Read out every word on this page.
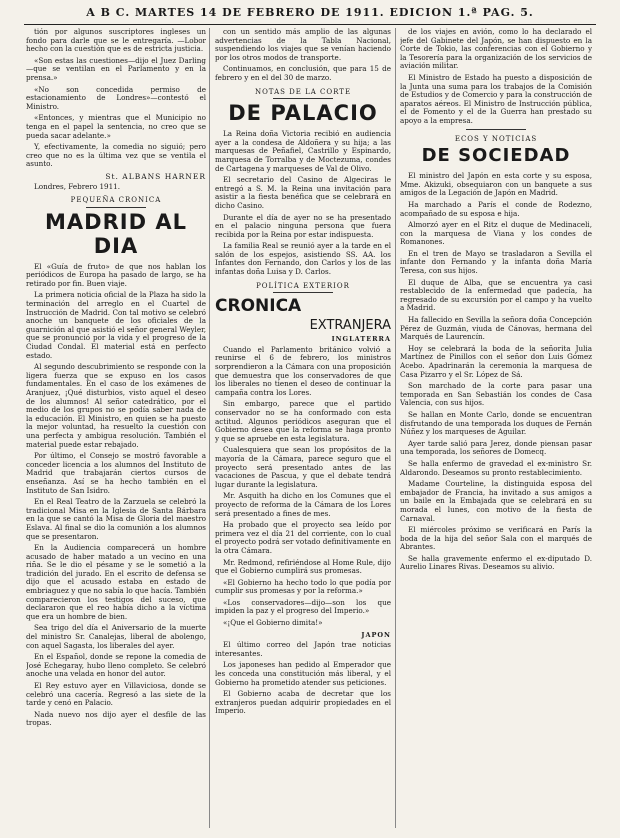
A B C. MARTES 14 DE FEBRERO DE 1911. EDICION 1.ª PAG. 5.

tión por algunos suscriptores ingleses un fondo para darle que se le entregaría. —Lobor hecho con la cuestión que es de estricta justicia.

«Son estas las cuestiones—dijo el Juez Darling—que se ventilan en el Parlamento y en la prensa.»

«No son concedida permiso de estacionamiento de Londres»—contestó el Ministro.

«Entonces, y mientras que el Municipio no tenga en el papel la sentencia, no creo que se pueda sacar adelante.»

Y, efectivamente, la comedia no siguió; pero creo que no es la última vez que se ventila el asunto.

St. ALBANS HARNER

Londres, Febrero 1911.

PEQUEÑA CRONICA

MADRID AL DIA

El «Guía de fruto» de que nos hablan los periódicos de Europa ha pasado de largo, se ha retirado por fin. Buen viaje.

La primera noticia oficial de la Plaza ha sido la terminación del arreglo en el Cuartel de Instrucción de Madrid. Con tal motivo se celebró anoche un banquete de los oficiales de la guarnición al que asistió el señor general Weyler, que se pronunció por la vida y el progreso de la Ciudad Condal. El material está en perfecto estado.

Al segundo descubrimiento se responde con la ligera fuerza que se expuso en los casos fundamentales. En el caso de los exámenes de Aranjuez, ¡Qué disturbios, visto aquel el deseo de los alumnos! Al señor catedrático, por el medio de los grupos no se podía saber nada de la educación. El Ministro, en quien se ha puesto la mejor voluntad, ha resuelto la cuestión con una perfecta y ambigua resolución. También el material puede estar rebajado.

Por último, el Consejo se mostró favorable a conceder licencia a los alumnos del Instituto de Madrid que trabajarán ciertos cursos de enseñanza. Así se ha hecho también en el Instituto de San Isidro.

En el Real Teatro de la Zarzuela se celebró la tradicional Misa en la Iglesia de Santa Bárbara en la que se cantó la Misa de Gloria del maestro Eslava. Al final se dio la comunión a los alumnos que se presentaron.

En la Audiencia comparecerá un hombre acusado de haber matado a un vecino en una riña. Se le dio el pésame y se le sometió a la tradición del jurado. En el escrito de defensa se dijo que el acusado estaba en estado de embriaguez y que no sabía lo que hacía. También comparecieron los testigos del suceso, que declararon que el reo había dicho a la víctima que era un hombre de bien.

Sea trigo del día el Aniversario de la muerte del ministro Sr. Canalejas, liberal de abolengo, con aquel Sagasta, los liberales del ayer.

En el Español, donde se repone la comedia de José Echegaray, hubo lleno completo. Se celebró anoche una velada en honor del autor.

El Rey estuvo ayer en Villaviciosa, donde se celebró una cacería. Regresó a las siete de la tarde y cenó en Palacio.

Nada nuevo nos dijo ayer el desfile de las tropas.

con un sentido más amplio de las algunas advertencias de la Tabla Nacional, suspendiendo los viajes que se venían haciendo por los otros modos de transporte.

Continuamos, en conclusión, que para 15 de febrero y en el del 30 de marzo.

NOTAS DE LA CORTE

DE PALACIO

La Reina doña Victoria recibió en audiencia ayer a la condesa de Aldoñera y su hija; a las marquesas de Peñafiel, Castrillo y Espinardo, marquesa de Torralba y de Moctezuma, condes de Cartagena y marqueses de Val de Olivo.

El secretario del Casino de Algeciras le entregó a S. M. la Reina una invitación para asistir a la fiesta benéfica que se celebrará en dicho Casino.

Durante el día de ayer no se ha presentado en el palacio ninguna persona que fuera recibida por la Reina por estar indispuesta.

La familia Real se reunió ayer a la tarde en el salón de los espejos, asistiendo SS. AA. los Infantes don Fernando, don Carlos y los de las infantas doña Luisa y D. Carlos.

POLÍTICA EXTERIOR

CRONICA

EXTRANJERA

INGLATERRA

Cuando el Parlamento británico volvió a reunirse el 6 de febrero, los ministros sorprendieron a la Cámara con una proposición que demuestra que los conservadores de que los liberales no tienen el deseo de continuar la campaña contra los Lores.

Sin embargo, parece que el partido conservador no se ha conformado con esta actitud. Algunos periódicos aseguran que el Gobierno desea que la reforma se haga pronto y que se apruebe en esta legislatura.

Cualesquiera que sean los propósitos de la mayoría de la Cámara, parece seguro que el proyecto será presentado antes de las vacaciones de Pascua, y que el debate tendrá lugar durante la legislatura.

Mr. Asquith ha dicho en los Comunes que el proyecto de reforma de la Cámara de los Lores será presentado a fines de mes.

Ha probado que el proyecto sea leído por primera vez el día 21 del corriente, con lo cual el proyecto podrá ser votado definitivamente en la otra Cámara.

Mr. Redmond, refiriéndose al Home Rule, dijo que el Gobierno cumplirá sus promesas.

«El Gobierno ha hecho todo lo que podía por cumplir sus promesas y por la reforma.»

«Los conservadores—dijo—son los que impiden la paz y el progreso del Imperio.»

«¡Que el Gobierno dimita!»

JAPON

El último correo del Japón trae noticias interesantes.

Los japoneses han pedido al Emperador que les conceda una constitución más liberal, y el Gobierno ha prometido atender sus peticiones.

El Gobierno acaba de decretar que los extranjeros puedan adquirir propiedades en el Imperio.

de los viajes en avión, como lo ha declarado el jefe del Gabinete del Japón, se han dispuesto en la Corte de Tokio, las conferencias con el Gobierno y la Tesorería para la organización de los servicios de aviación militar.

El Ministro de Estado ha puesto a disposición de la Junta una suma para los trabajos de la Comisión de Estudios y de Comercio y para la construcción de aparatos aéreos. El Ministro de Instrucción pública, el de Fomento y el de la Guerra han prestado su apoyo a la empresa.

ECOS Y NOTICIAS

DE SOCIEDAD

El ministro del Japón en esta corte y su esposa, Mme. Akizuki, obsequiaron con un banquete a sus amigos de la Legación de Japón en Madrid.

Ha marchado a París el conde de Rodezno, acompañado de su esposa e hija.

Almorzó ayer en el Ritz el duque de Medinaceli, con la marquesa de Viana y los condes de Romanones.

En el tren de Mayo se trasladaron a Sevilla el infante don Fernando y la infanta doña María Teresa, con sus hijos.

El duque de Alba, que se encuentra ya casi restablecido de la enfermedad que padecía, ha regresado de su excursión por el campo y ha vuelto a Madrid.

Ha fallecido en Sevilla la señora doña Concepción Pérez de Guzmán, viuda de Cánovas, hermana del Marqués de Laurencín.

Hoy se celebrará la boda de la señorita Julia Martínez de Pinillos con el señor don Luis Gómez Acebo. Apadrinarán la ceremonia la marquesa de Casa Pizarro y el Sr. López de Sá.

Son marchado de la corte para pasar una temporada en San Sebastián los condes de Casa Valencia, con sus hijos.

Se hallan en Monte Carlo, donde se encuentran disfrutando de una temporada los duques de Fernán Núñez y los marqueses de Aguilar.

Ayer tarde salió para Jerez, donde piensan pasar una temporada, los señores de Domecq.

Se halla enfermo de gravedad el ex-ministro Sr. Aldarondo. Deseamos su pronto restablecimiento.

Madame Courteline, la distinguida esposa del embajador de Francia, ha invitado a sus amigos a un baile en la Embajada que se celebrará en su morada el lunes, con motivo de la fiesta de Carnaval.

El miércoles próximo se verificará en París la boda de la hija del señor Sala con el marqués de Abrantes.

Se halla gravemente enfermo el ex-diputado D. Aurelio Linares Rivas. Deseamos su alivio.
